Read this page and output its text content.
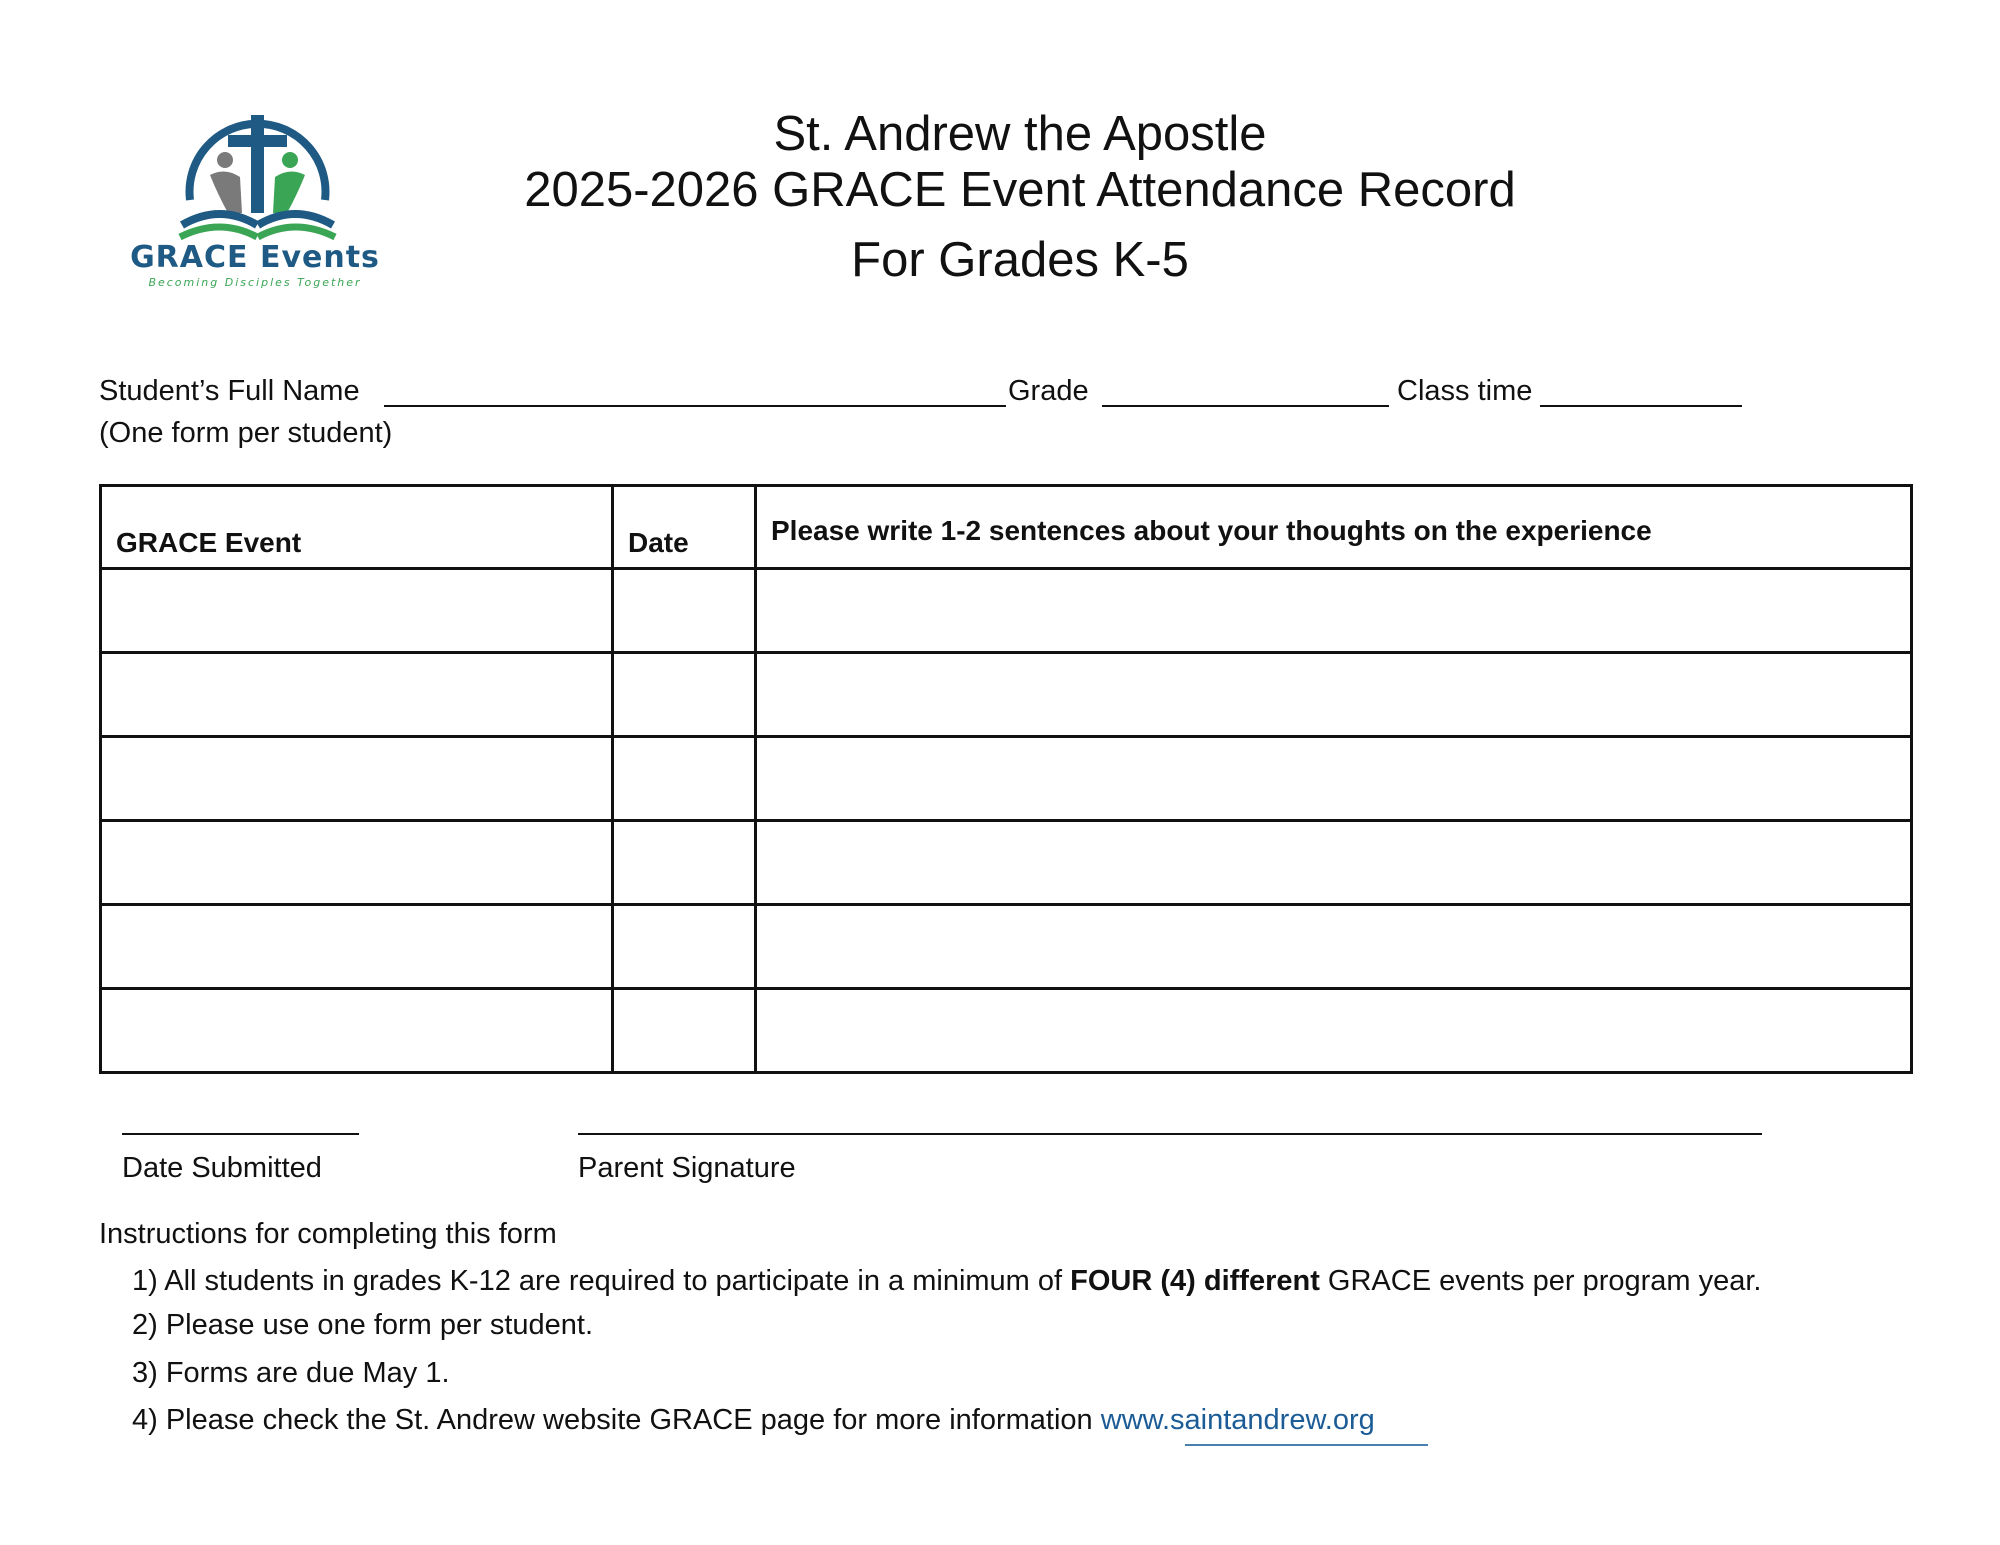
GRACE Events
Becoming Disciples Together
St. Andrew the Apostle
2025-2026 GRACE Event Attendance Record
For Grades K-5
Student’s Full Name	Grade	Class time
(One form per student)
GRACE Event	Date	Please write 1-2 sentences about your thoughts on the experience

Date Submitted	Parent Signature
Instructions for completing this form
1) All students in grades K-12 are required to participate in a minimum of FOUR (4) different GRACE events per program year.
2) Please use one form per student.
3) Forms are due May 1.
4) Please check the St. Andrew website GRACE page for more information www.saintandrew.org
